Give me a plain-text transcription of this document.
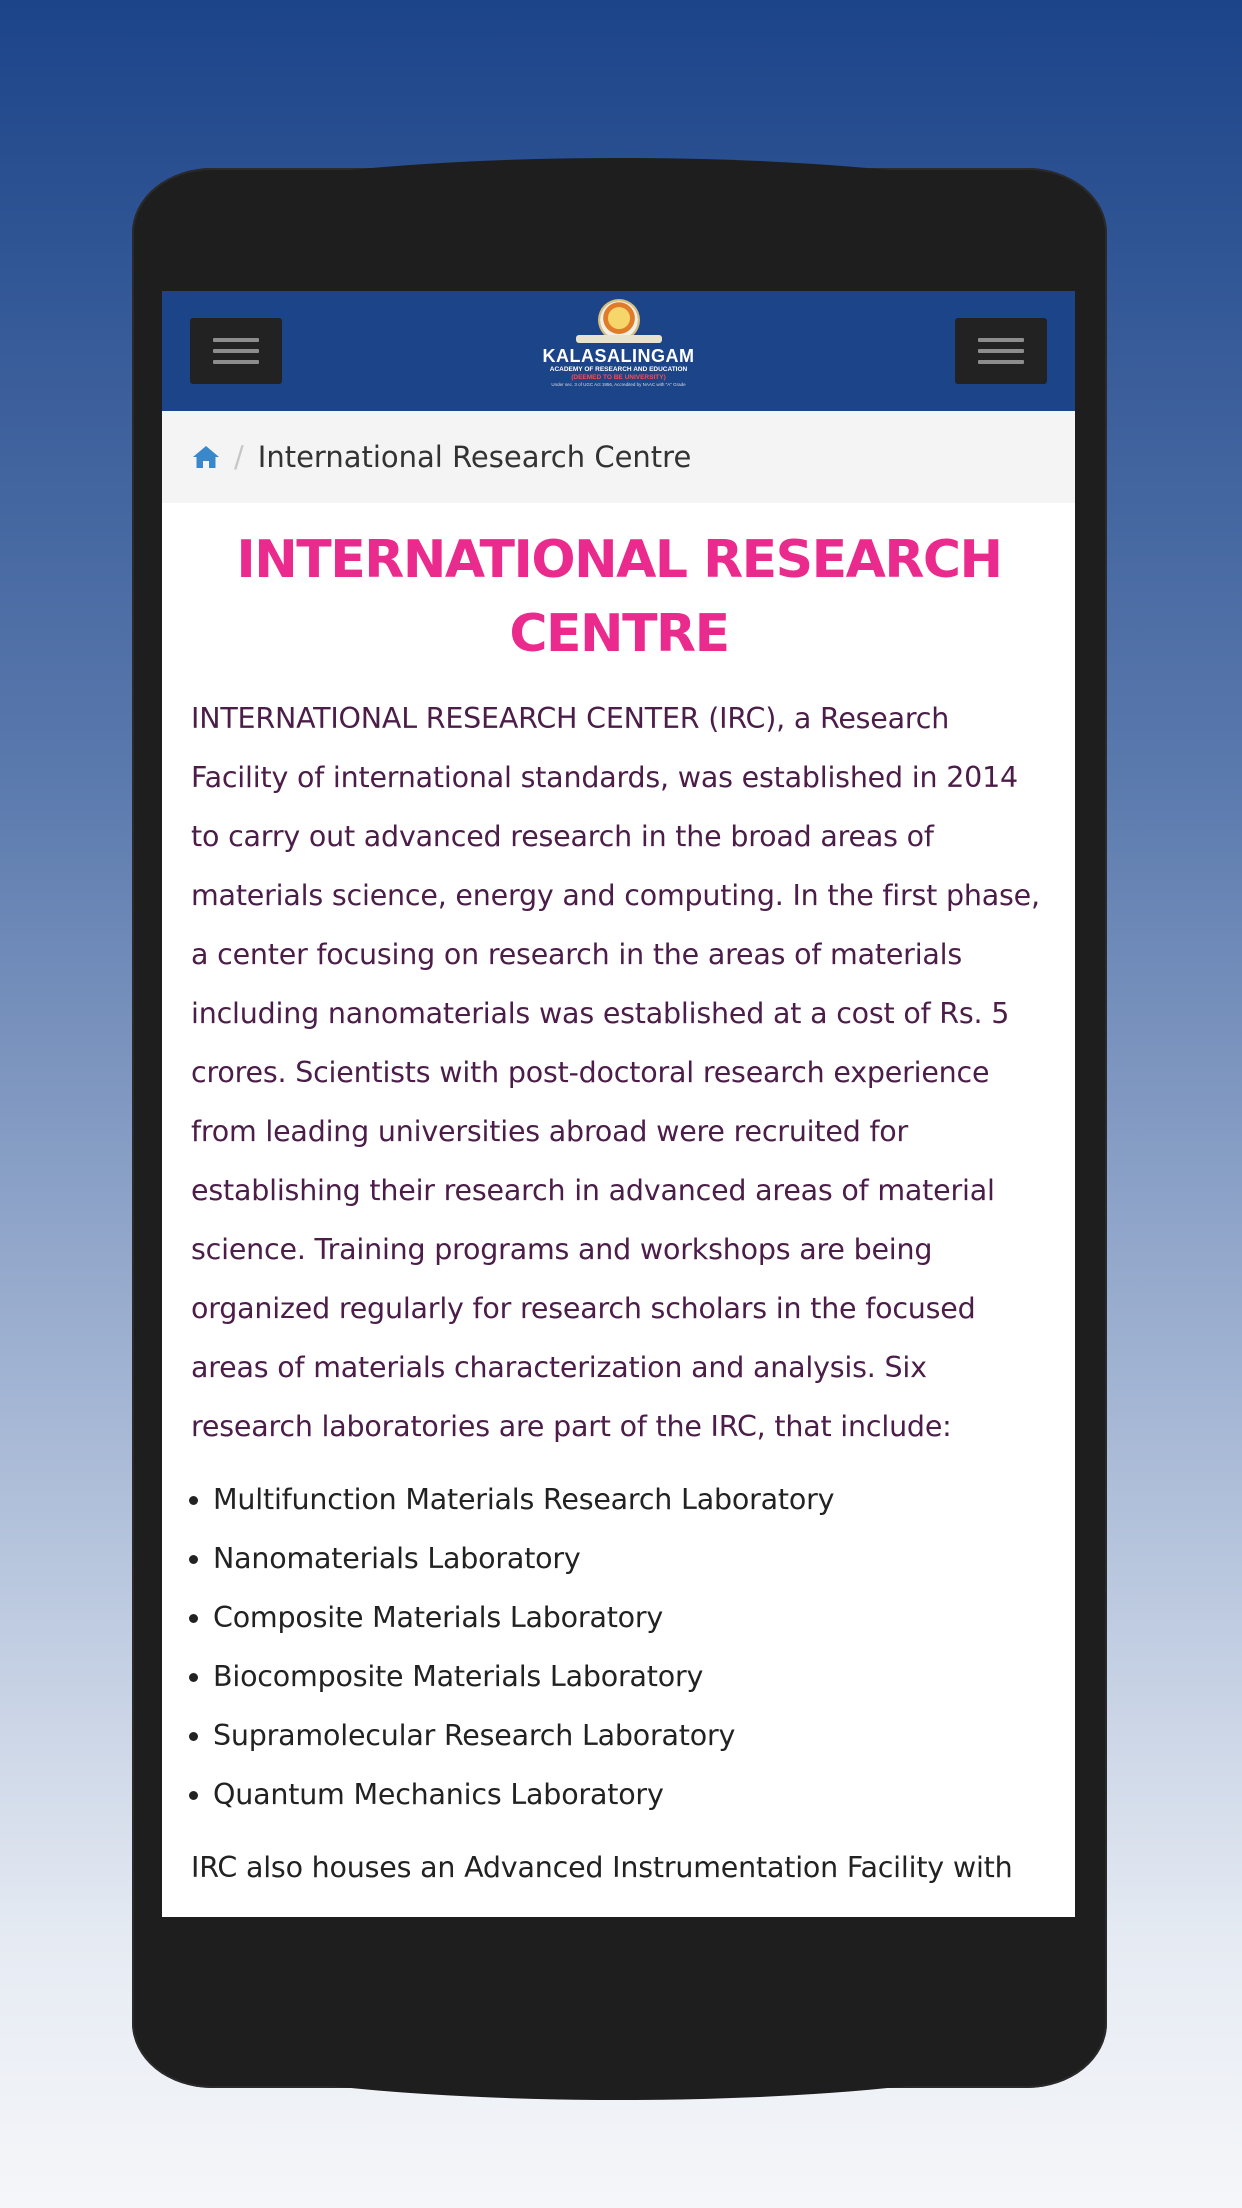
KALASALINGAM
ACADEMY OF RESEARCH AND EDUCATION
(DEEMED TO BE UNIVERSITY)
Under sec. 3 of UGC Act 1956, Accredited by NAAC with "A" Grade
/ International Research Centre
INTERNATIONAL RESEARCH CENTRE

INTERNATIONAL RESEARCH CENTER (IRC), a Research Facility of international standards, was established in 2014 to carry out advanced research in the broad areas of materials science, energy and computing. In the first phase, a center focusing on research in the areas of materials including nanomaterials was established at a cost of Rs. 5 crores. Scientists with post-doctoral research experience from leading universities abroad were recruited for establishing their research in advanced areas of material science. Training programs and workshops are being organized regularly for research scholars in the focused areas of materials characterization and analysis. Six research laboratories are part of the IRC, that include:

• Multifunction Materials Research Laboratory
• Nanomaterials Laboratory
• Composite Materials Laboratory
• Biocomposite Materials Laboratory
• Supramolecular Research Laboratory
• Quantum Mechanics Laboratory

IRC also houses an Advanced Instrumentation Facility with
